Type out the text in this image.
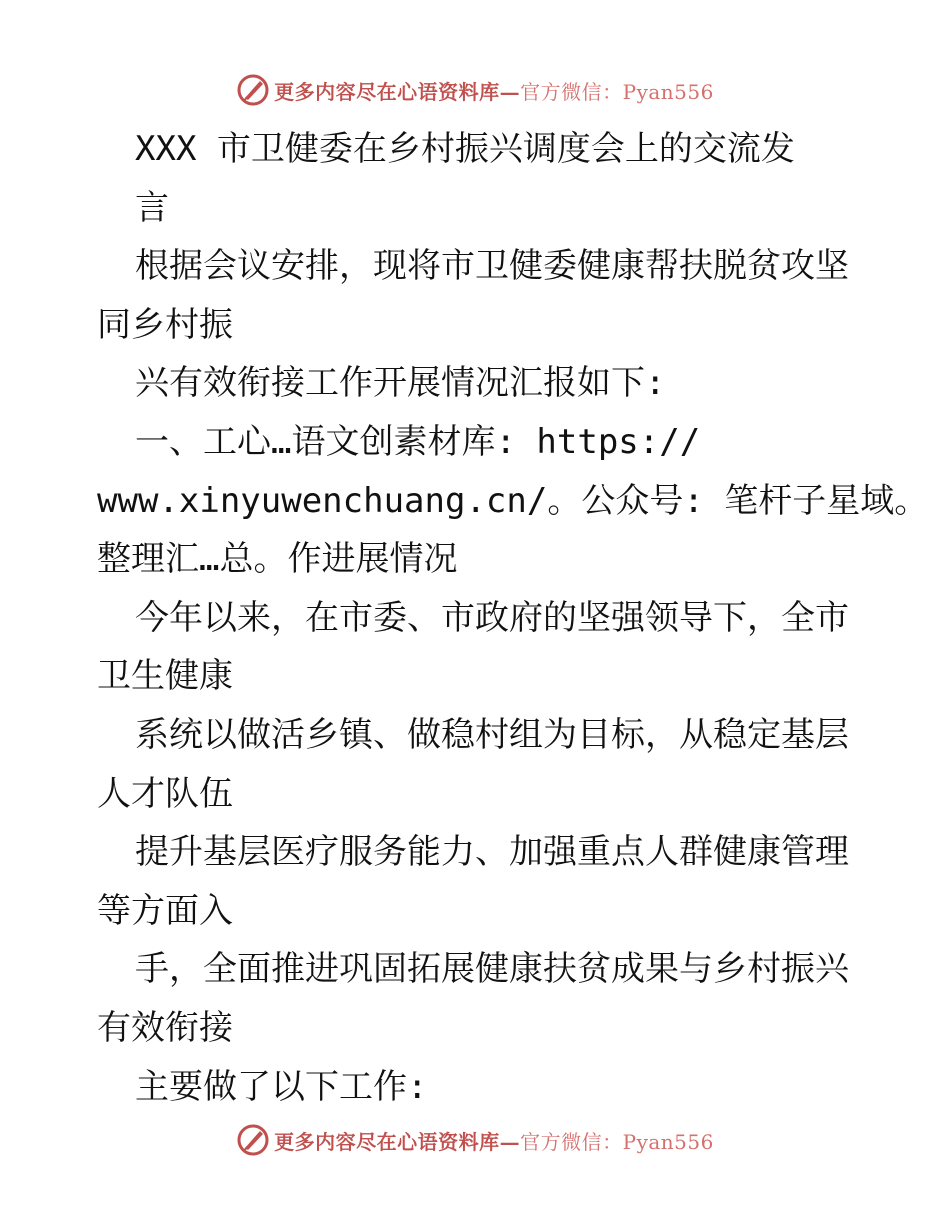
更多内容尽在心语资料库—官方微信：Pyan556
XXX 市卫健委在乡村振兴调度会上的交流发
言
根据会议安排，现将市卫健委健康帮扶脱贫攻坚
同乡村振
兴有效衔接工作开展情况汇报如下:
一、工心…语文创素材库: https://
www.xinyuwenchuang.cn/。公众号: 笔杆子星域。
整理汇…总。作进展情况
今年以来，在市委、市政府的坚强领导下，全市
卫生健康
系统以做活乡镇、做稳村组为目标，从稳定基层
人才队伍
提升基层医疗服务能力、加强重点人群健康管理
等方面入
手，全面推进巩固拓展健康扶贫成果与乡村振兴
有效衔接
主要做了以下工作:
更多内容尽在心语资料库—官方微信：Pyan556
